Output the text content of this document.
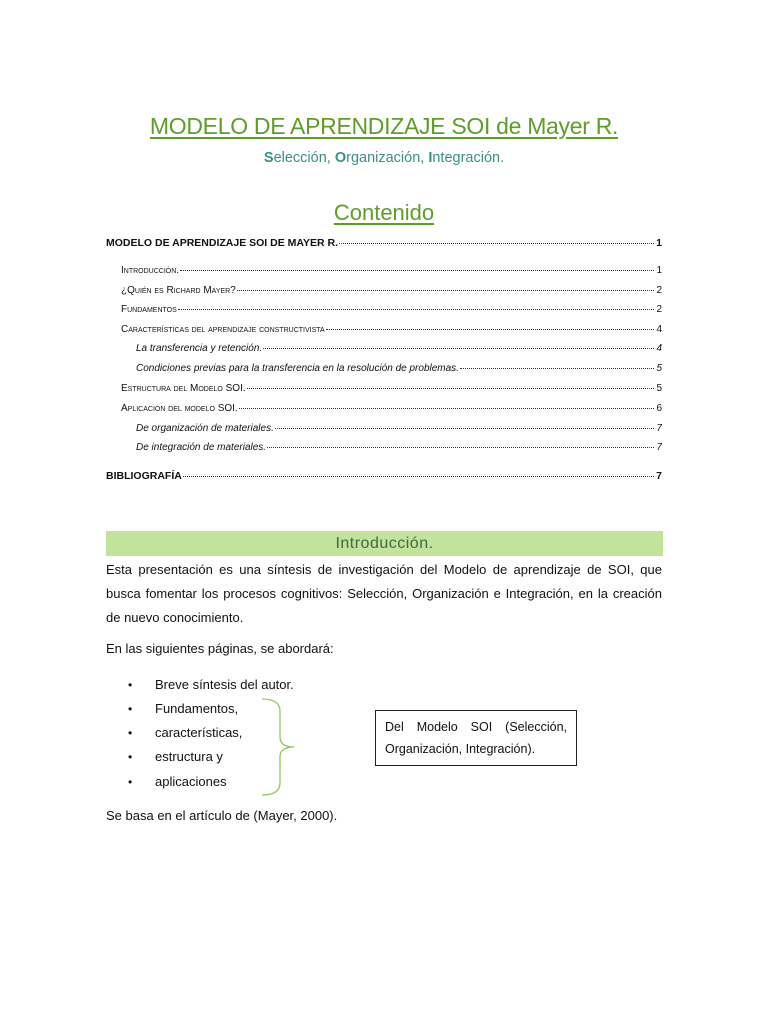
MODELO DE APRENDIZAJE SOI de Mayer R.
Selección, Organización, Integración.
Contenido
MODELO DE APRENDIZAJE SOI DE MAYER R.	1
Introducción.	1
¿Quién es Richard Mayer?	2
Fundamentos	2
Características del aprendizaje constructivista	4
La transferencia y retención.	4
Condiciones previas para la transferencia en la resolución de problemas.	5
Estructura del Modelo SOI.	5
Aplicación del modelo SOI.	6
De organización de materiales.	7
De integración de materiales.	7
BIBLIOGRAFÍA	7
Introducción.
Esta presentación es una síntesis de investigación del Modelo de aprendizaje de SOI, que busca fomentar los procesos cognitivos: Selección, Organización e Integración, en la creación de nuevo conocimiento.
En las siguientes páginas, se abordará:
• Breve síntesis del autor.
• Fundamentos,
• características,
• estructura y
• aplicaciones
Del Modelo SOI (Selección, Organización, Integración).
Se basa en el artículo de (Mayer, 2000).
